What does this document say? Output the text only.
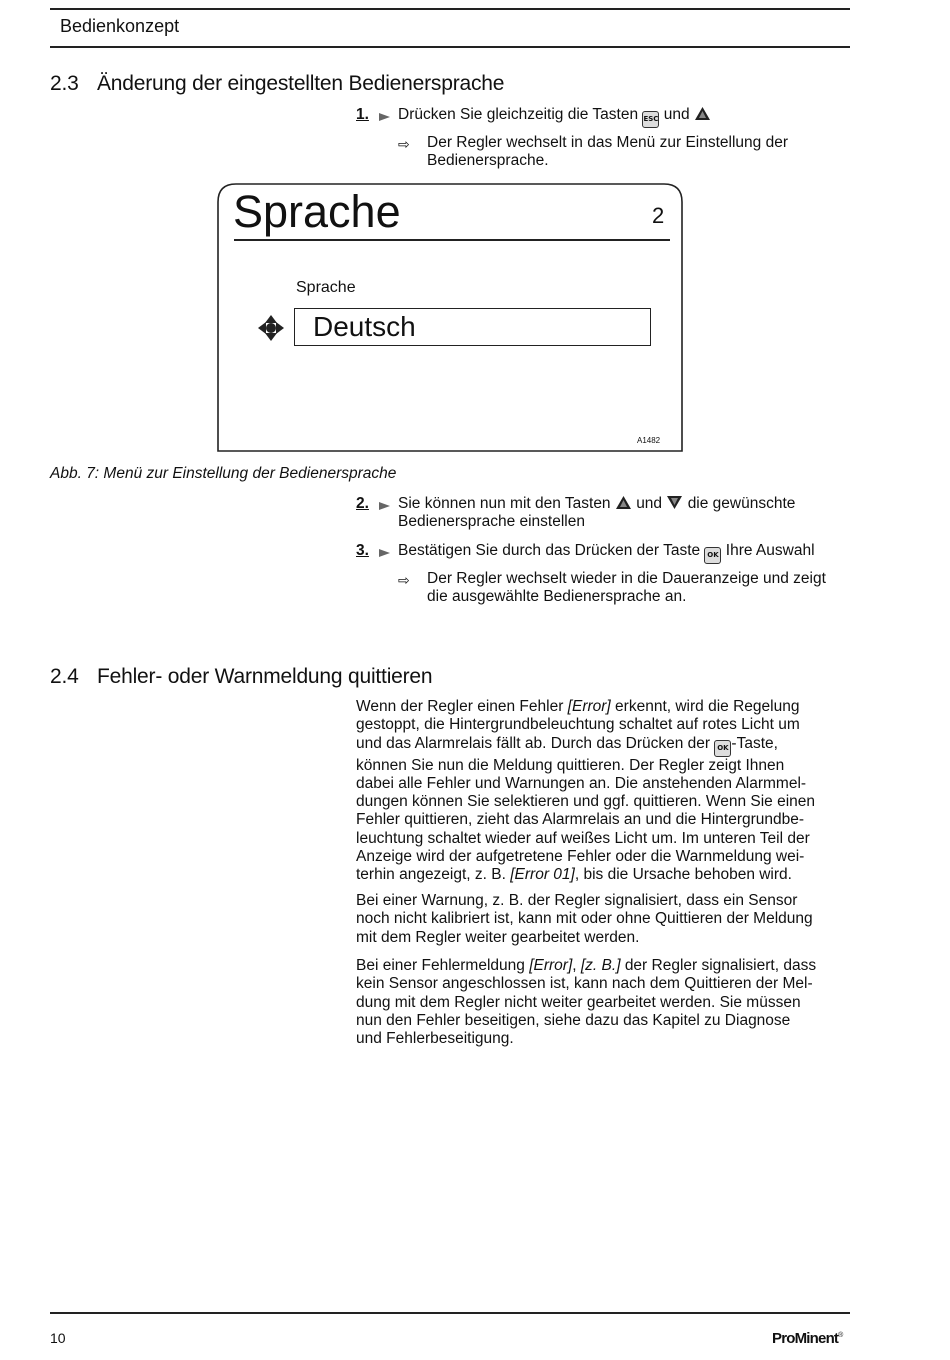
Bedienkonzept
2.3 Änderung der eingestellten Bedienersprache
1.	Drücken Sie gleichzeitig die Tasten ESC und
⇨ Der Regler wechselt in das Menü zur Einstellung der Bedienersprache.
Sprache	2
Sprache
Deutsch
A1482
Abb. 7: Menü zur Einstellung der Bedienersprache
2.	Sie können nun mit den Tasten und die gewünschte
Bedienersprache einstellen
3.	Bestätigen Sie durch das Drücken der Taste OK Ihre Auswahl
⇨ Der Regler wechselt wieder in die Daueranzeige und zeigt die ausgewählte Bedienersprache an.
2.4 Fehler- oder Warnmeldung quittieren
Wenn der Regler einen Fehler [Error] erkennt, wird die Regelung
gestoppt, die Hintergrundbeleuchtung schaltet auf rotes Licht um
und das Alarmrelais fällt ab. Durch das Drücken der OK -Taste,
können Sie nun die Meldung quittieren. Der Regler zeigt Ihnen
dabei alle Fehler und Warnungen an. Die anstehenden Alarmmel-
dungen können Sie selektieren und ggf. quittieren. Wenn Sie einen
Fehler quittieren, zieht das Alarmrelais an und die Hintergrundbe-
leuchtung schaltet wieder auf weißes Licht um. Im unteren Teil der
Anzeige wird der aufgetretene Fehler oder die Warnmeldung wei-
terhin angezeigt, z. B. [Error 01], bis die Ursache behoben wird.
Bei einer Warnung, z. B. der Regler signalisiert, dass ein Sensor
noch nicht kalibriert ist, kann mit oder ohne Quittieren der Meldung
mit dem Regler weiter gearbeitet werden.
Bei einer Fehlermeldung [Error], [z. B.] der Regler signalisiert, dass
kein Sensor angeschlossen ist, kann nach dem Quittieren der Mel-
dung mit dem Regler nicht weiter gearbeitet werden. Sie müssen
nun den Fehler beseitigen, siehe dazu das Kapitel zu Diagnose
und Fehlerbeseitigung.
10	ProMinent®
